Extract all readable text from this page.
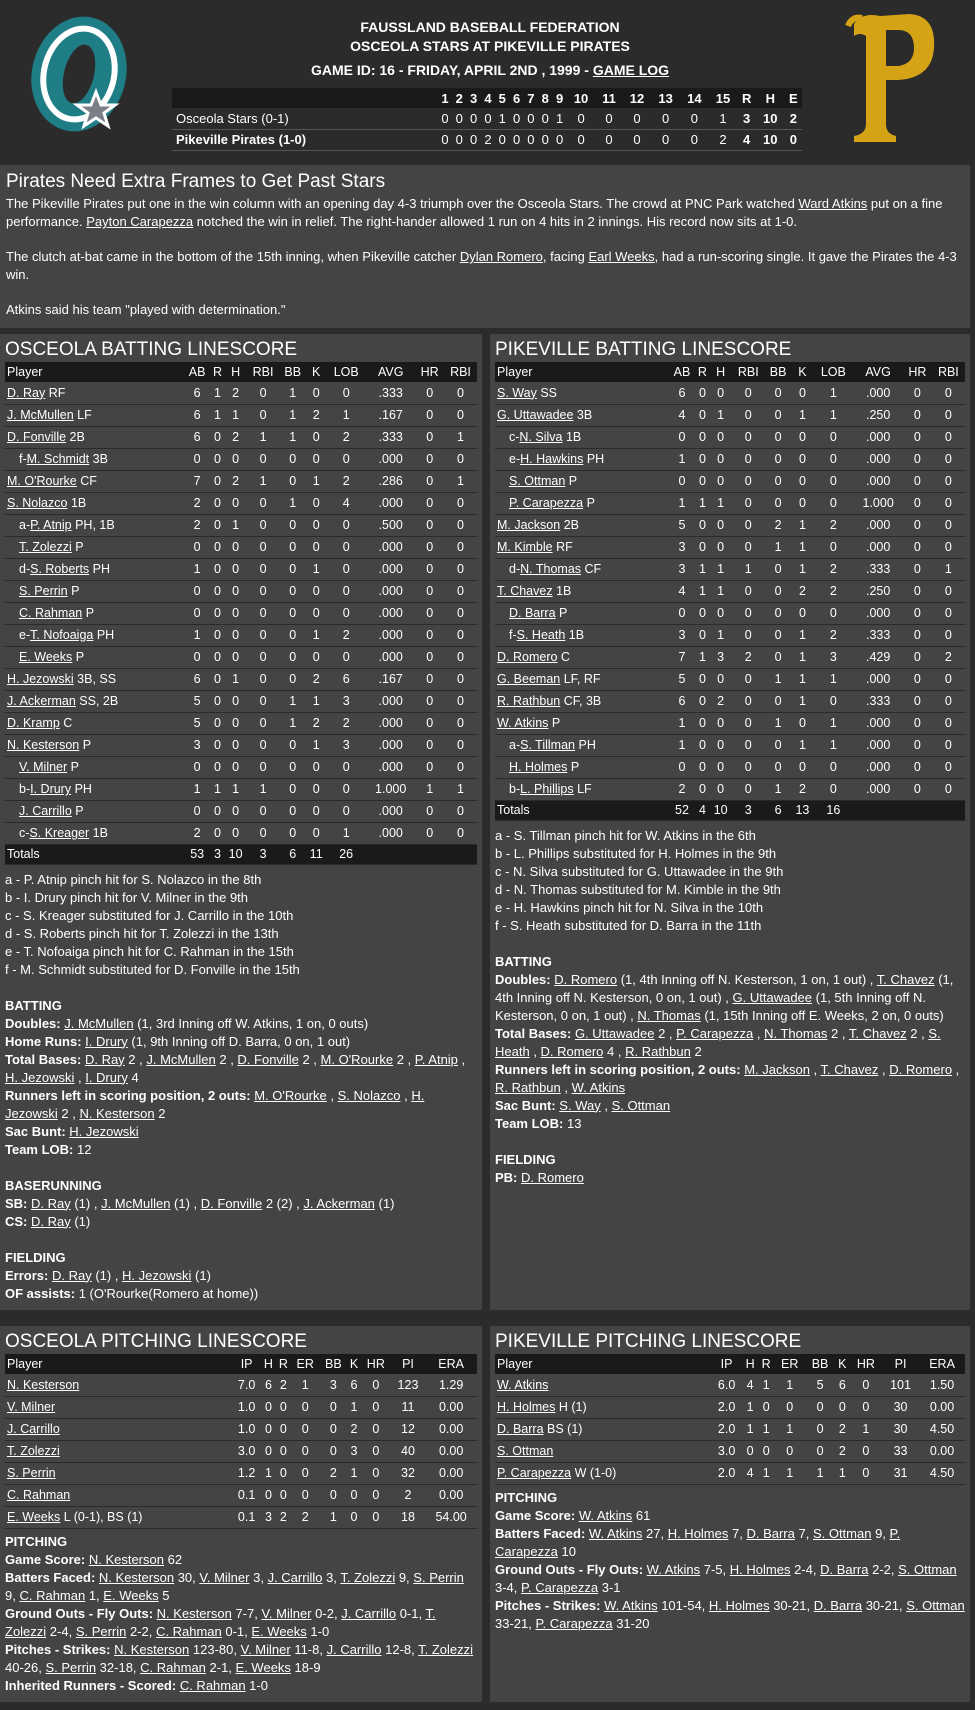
FAUSSLAND BASEBALL FEDERATION
OSCEOLA STARS AT PIKEVILLE PIRATES
GAME ID: 16 - FRIDAY, APRIL 2ND , 1999 - GAME LOG
	1	2	3	4	5	6	7	8	9	10	11	12	13	14	15	R	H	E
Osceola Stars (0-1)	0	0	0	0	1	0	0	0	1	0	0	0	0	0	1	3	10	2
Pikeville Pirates (1-0)	0	0	0	2	0	0	0	0	0	0	0	0	0	0	2	4	10	0
Pirates Need Extra Frames to Get Past Stars

The Pikeville Pirates put one in the win column with an opening day 4-3 triumph over the Osceola Stars. The crowd at PNC Park watched Ward Atkins put on a fine performance. Payton Carapezza notched the win in relief. The right-hander allowed 1 run on 4 hits in 2 innings. His record now sits at 1-0.

The clutch at-bat came in the bottom of the 15th inning, when Pikeville catcher Dylan Romero, facing Earl Weeks, had a run-scoring single. It gave the Pirates the 4-3 win.

Atkins said his team "played with determination."

OSCEOLA BATTING LINESCORE
Player	AB	R	H	RBI	BB	K	LOB	AVG	HR	RBI
D. Ray RF	6	1	2	0	1	0	0	.333	0	0
J. McMullen LF	6	1	1	0	1	2	1	.167	0	0
D. Fonville 2B	6	0	2	1	1	0	2	.333	0	1
f-M. Schmidt 3B	0	0	0	0	0	0	0	.000	0	0
M. O'Rourke CF	7	0	2	1	0	1	2	.286	0	1
S. Nolazco 1B	2	0	0	0	1	0	4	.000	0	0
a-P. Atnip PH, 1B	2	0	1	0	0	0	0	.500	0	0
T. Zolezzi P	0	0	0	0	0	0	0	.000	0	0
d-S. Roberts PH	1	0	0	0	0	1	0	.000	0	0
S. Perrin P	0	0	0	0	0	0	0	.000	0	0
C. Rahman P	0	0	0	0	0	0	0	.000	0	0
e-T. Nofoaiga PH	1	0	0	0	0	1	2	.000	0	0
E. Weeks P	0	0	0	0	0	0	0	.000	0	0
H. Jezowski 3B, SS	6	0	1	0	0	2	6	.167	0	0
J. Ackerman SS, 2B	5	0	0	0	1	1	3	.000	0	0
D. Kramp C	5	0	0	0	1	2	2	.000	0	0
N. Kesterson P	3	0	0	0	0	1	3	.000	0	0
V. Milner P	0	0	0	0	0	0	0	.000	0	0
b-I. Drury PH	1	1	1	1	0	0	0	1.000	1	1
J. Carrillo P	0	0	0	0	0	0	0	.000	0	0
c-S. Kreager 1B	2	0	0	0	0	0	1	.000	0	0
Totals	53	3	10	3	6	11	26			
a - P. Atnip pinch hit for S. Nolazco in the 8th
b - I. Drury pinch hit for V. Milner in the 9th
c - S. Kreager substituted for J. Carrillo in the 10th
d - S. Roberts pinch hit for T. Zolezzi in the 13th
e - T. Nofoaiga pinch hit for C. Rahman in the 15th
f - M. Schmidt substituted for D. Fonville in the 15th
BATTING
Doubles: J. McMullen (1, 3rd Inning off W. Atkins, 1 on, 0 outs)
Home Runs: I. Drury (1, 9th Inning off D. Barra, 0 on, 1 out)
Total Bases: D. Ray 2 , J. McMullen 2 , D. Fonville 2 , M. O'Rourke 2 , P. Atnip , H. Jezowski , I. Drury 4
Runners left in scoring position, 2 outs: M. O'Rourke , S. Nolazco , H. Jezowski 2 , N. Kesterson 2
Sac Bunt: H. Jezowski
Team LOB: 12
BASERUNNING
SB: D. Ray (1) , J. McMullen (1) , D. Fonville 2 (2) , J. Ackerman (1)
CS: D. Ray (1)
FIELDING
Errors: D. Ray (1) , H. Jezowski (1)
OF assists: 1 (O'Rourke(Romero at home))
PIKEVILLE BATTING LINESCORE
Player	AB	R	H	RBI	BB	K	LOB	AVG	HR	RBI
S. Way SS	6	0	0	0	0	0	1	.000	0	0
G. Uttawadee 3B	4	0	1	0	0	1	1	.250	0	0
c-N. Silva 1B	0	0	0	0	0	0	0	.000	0	0
e-H. Hawkins PH	1	0	0	0	0	0	0	.000	0	0
S. Ottman P	0	0	0	0	0	0	0	.000	0	0
P. Carapezza P	1	1	1	0	0	0	0	1.000	0	0
M. Jackson 2B	5	0	0	0	2	1	2	.000	0	0
M. Kimble RF	3	0	0	0	1	1	0	.000	0	0
d-N. Thomas CF	3	1	1	1	0	1	2	.333	0	1
T. Chavez 1B	4	1	1	0	0	2	2	.250	0	0
D. Barra P	0	0	0	0	0	0	0	.000	0	0
f-S. Heath 1B	3	0	1	0	0	1	2	.333	0	0
D. Romero C	7	1	3	2	0	1	3	.429	0	2
G. Beeman LF, RF	5	0	0	0	1	1	1	.000	0	0
R. Rathbun CF, 3B	6	0	2	0	0	1	0	.333	0	0
W. Atkins P	1	0	0	0	1	0	1	.000	0	0
a-S. Tillman PH	1	0	0	0	0	1	1	.000	0	0
H. Holmes P	0	0	0	0	0	0	0	.000	0	0
b-L. Phillips LF	2	0	0	0	1	2	0	.000	0	0
Totals	52	4	10	3	6	13	16			
a - S. Tillman pinch hit for W. Atkins in the 6th
b - L. Phillips substituted for H. Holmes in the 9th
c - N. Silva substituted for G. Uttawadee in the 9th
d - N. Thomas substituted for M. Kimble in the 9th
e - H. Hawkins pinch hit for N. Silva in the 10th
f - S. Heath substituted for D. Barra in the 11th
BATTING
Doubles: D. Romero (1, 4th Inning off N. Kesterson, 1 on, 1 out) , T. Chavez (1, 4th Inning off N. Kesterson, 0 on, 1 out) , G. Uttawadee (1, 5th Inning off N. Kesterson, 0 on, 1 out) , N. Thomas (1, 15th Inning off E. Weeks, 2 on, 0 outs)
Total Bases: G. Uttawadee 2 , P. Carapezza , N. Thomas 2 , T. Chavez 2 , S. Heath , D. Romero 4 , R. Rathbun 2
Runners left in scoring position, 2 outs: M. Jackson , T. Chavez , D. Romero , R. Rathbun , W. Atkins
Sac Bunt: S. Way , S. Ottman
Team LOB: 13
FIELDING
PB: D. Romero
OSCEOLA PITCHING LINESCORE
Player	IP	H	R	ER	BB	K	HR	PI	ERA
N. Kesterson	7.0	6	2	1	3	6	0	123	1.29
V. Milner	1.0	0	0	0	0	1	0	11	0.00
J. Carrillo	1.0	0	0	0	0	2	0	12	0.00
T. Zolezzi	3.0	0	0	0	0	3	0	40	0.00
S. Perrin	1.2	1	0	0	2	1	0	32	0.00
C. Rahman	0.1	0	0	0	0	0	0	2	0.00
E. Weeks L (0-1), BS (1)	0.1	3	2	2	1	0	0	18	54.00
PITCHING
Game Score: N. Kesterson 62
Batters Faced: N. Kesterson 30, V. Milner 3, J. Carrillo 3, T. Zolezzi 9, S. Perrin 9, C. Rahman 1, E. Weeks 5
Ground Outs - Fly Outs: N. Kesterson 7-7, V. Milner 0-2, J. Carrillo 0-1, T. Zolezzi 2-4, S. Perrin 2-2, C. Rahman 0-1, E. Weeks 1-0
Pitches - Strikes: N. Kesterson 123-80, V. Milner 11-8, J. Carrillo 12-8, T. Zolezzi 40-26, S. Perrin 32-18, C. Rahman 2-1, E. Weeks 18-9
Inherited Runners - Scored: C. Rahman 1-0
PIKEVILLE PITCHING LINESCORE
Player	IP	H	R	ER	BB	K	HR	PI	ERA
W. Atkins	6.0	4	1	1	5	6	0	101	1.50
H. Holmes H (1)	2.0	1	0	0	0	0	0	30	0.00
D. Barra BS (1)	2.0	1	1	1	0	2	1	30	4.50
S. Ottman	3.0	0	0	0	0	2	0	33	0.00
P. Carapezza W (1-0)	2.0	4	1	1	1	1	0	31	4.50
PITCHING
Game Score: W. Atkins 61
Batters Faced: W. Atkins 27, H. Holmes 7, D. Barra 7, S. Ottman 9, P. Carapezza 10
Ground Outs - Fly Outs: W. Atkins 7-5, H. Holmes 2-4, D. Barra 2-2, S. Ottman 3-4, P. Carapezza 3-1
Pitches - Strikes: W. Atkins 101-54, H. Holmes 30-21, D. Barra 30-21, S. Ottman 33-21, P. Carapezza 31-20
